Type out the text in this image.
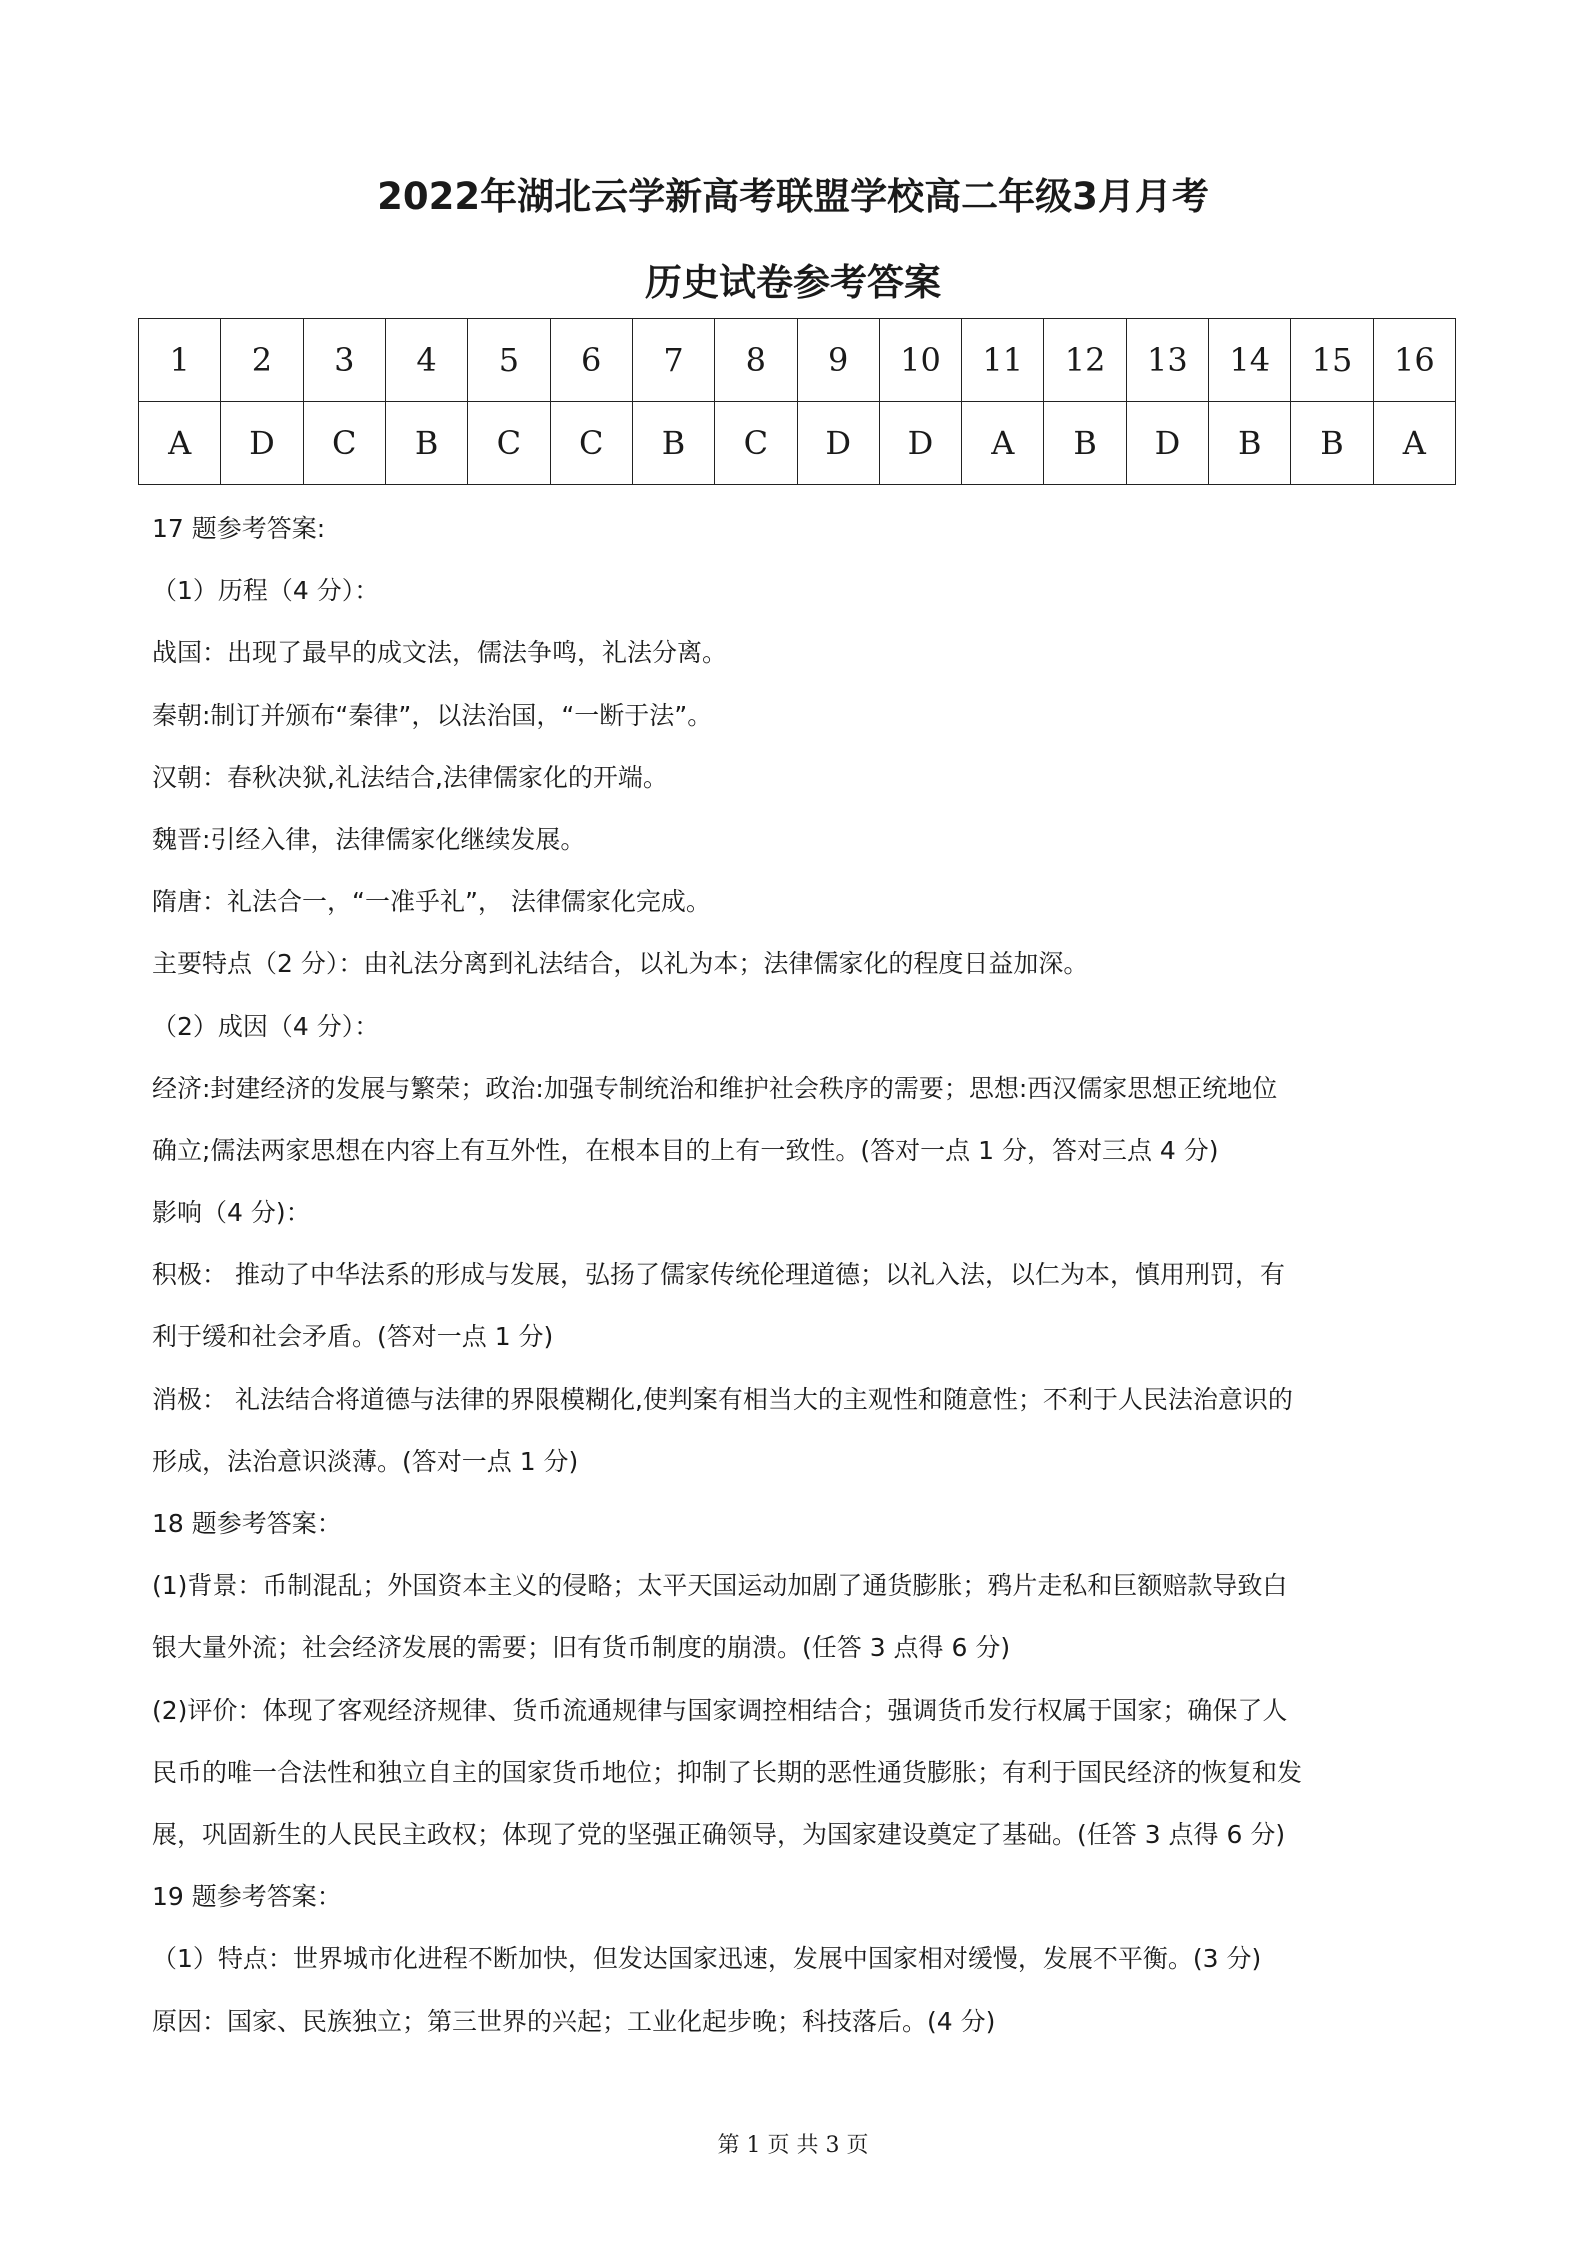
2022年湖北云学新高考联盟学校高二年级3月月考
历史试卷参考答案
1	2	3	4	5	6	7	8	9	10	11	12	13	14	15	16
A	D	C	B	C	C	B	C	D	D	A	B	D	B	B	A
17 题参考答案:
（1）历程（4 分）：
战国：出现了最早的成文法，儒法争鸣，礼法分离。
秦朝:制订并颁布“秦律”，以法治国，“一断于法”。
汉朝：春秋决狱,礼法结合,法律儒家化的开端。
魏晋:引经入律，法律儒家化继续发展。
隋唐：礼法合一，“一准乎礼”， 法律儒家化完成。
主要特点（2 分）：由礼法分离到礼法结合，以礼为本；法律儒家化的程度日益加深。
（2）成因（4 分）：
经济:封建经济的发展与繁荣；政治:加强专制统治和维护社会秩序的需要；思想:西汉儒家思想正统地位
确立;儒法两家思想在内容上有互外性，在根本目的上有一致性。(答对一点 1 分，答对三点 4 分)
影响（4 分)：
积极： 推动了中华法系的形成与发展，弘扬了儒家传统伦理道德；以礼入法，以仁为本，慎用刑罚，有
利于缓和社会矛盾。(答对一点 1 分)
消极： 礼法结合将道德与法律的界限模糊化,使判案有相当大的主观性和随意性；不利于人民法治意识的
形成，法治意识淡薄。(答对一点 1 分)
18 题参考答案：
(1)背景：币制混乱；外国资本主义的侵略；太平天国运动加剧了通货膨胀；鸦片走私和巨额赔款导致白
银大量外流；社会经济发展的需要；旧有货币制度的崩溃。(任答 3 点得 6 分)
(2)评价：体现了客观经济规律、货币流通规律与国家调控相结合；强调货币发行权属于国家；确保了人
民币的唯一合法性和独立自主的国家货币地位；抑制了长期的恶性通货膨胀；有利于国民经济的恢复和发
展，巩固新生的人民民主政权；体现了党的坚强正确领导，为国家建设奠定了基础。(任答 3 点得 6 分)
19 题参考答案：
（1）特点：世界城市化进程不断加快，但发达国家迅速，发展中国家相对缓慢，发展不平衡。(3 分)
原因：国家、民族独立；第三世界的兴起；工业化起步晚；科技落后。(4 分)
第 1 页 共 3 页
